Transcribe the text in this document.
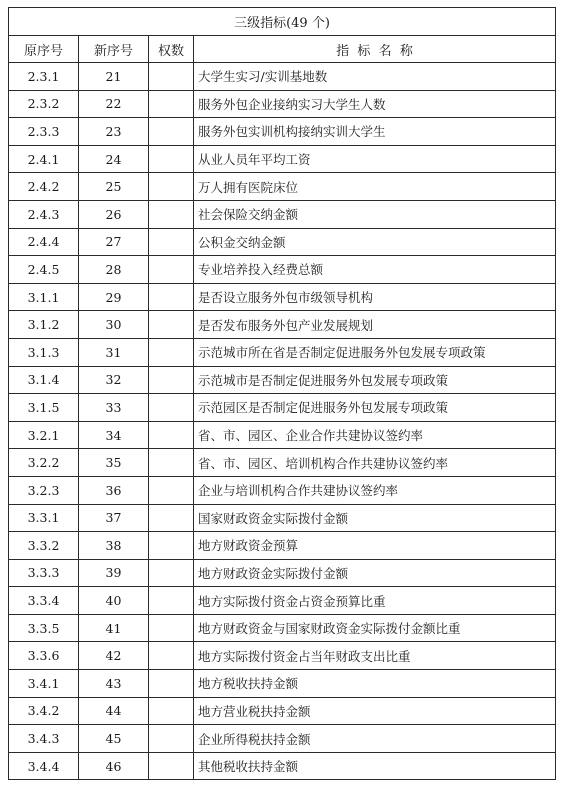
三级指标(49 个)			
原序号	新序号	权数	指  标  名  称
2.3.1	21		大学生实习/实训基地数
2.3.2	22		服务外包企业接纳实习大学生人数
2.3.3	23		服务外包实训机构接纳实训大学生
2.4.1	24		从业人员年平均工资
2.4.2	25		万人拥有医院床位
2.4.3	26		社会保险交纳金额
2.4.4	27		公积金交纳金额
2.4.5	28		专业培养投入经费总额
3.1.1	29		是否设立服务外包市级领导机构
3.1.2	30		是否发布服务外包产业发展规划
3.1.3	31		示范城市所在省是否制定促进服务外包发展专项政策
3.1.4	32		示范城市是否制定促进服务外包发展专项政策
3.1.5	33		示范园区是否制定促进服务外包发展专项政策
3.2.1	34		省、市、园区、企业合作共建协议签约率
3.2.2	35		省、市、园区、培训机构合作共建协议签约率
3.2.3	36		企业与培训机构合作共建协议签约率
3.3.1	37		国家财政资金实际拨付金额
3.3.2	38		地方财政资金预算
3.3.3	39		地方财政资金实际拨付金额
3.3.4	40		地方实际拨付资金占资金预算比重
3.3.5	41		地方财政资金与国家财政资金实际拨付金额比重
3.3.6	42		地方实际拨付资金占当年财政支出比重
3.4.1	43		地方税收扶持金额
3.4.2	44		地方营业税扶持金额
3.4.3	45		企业所得税扶持金额
3.4.4	46		其他税收扶持金额
